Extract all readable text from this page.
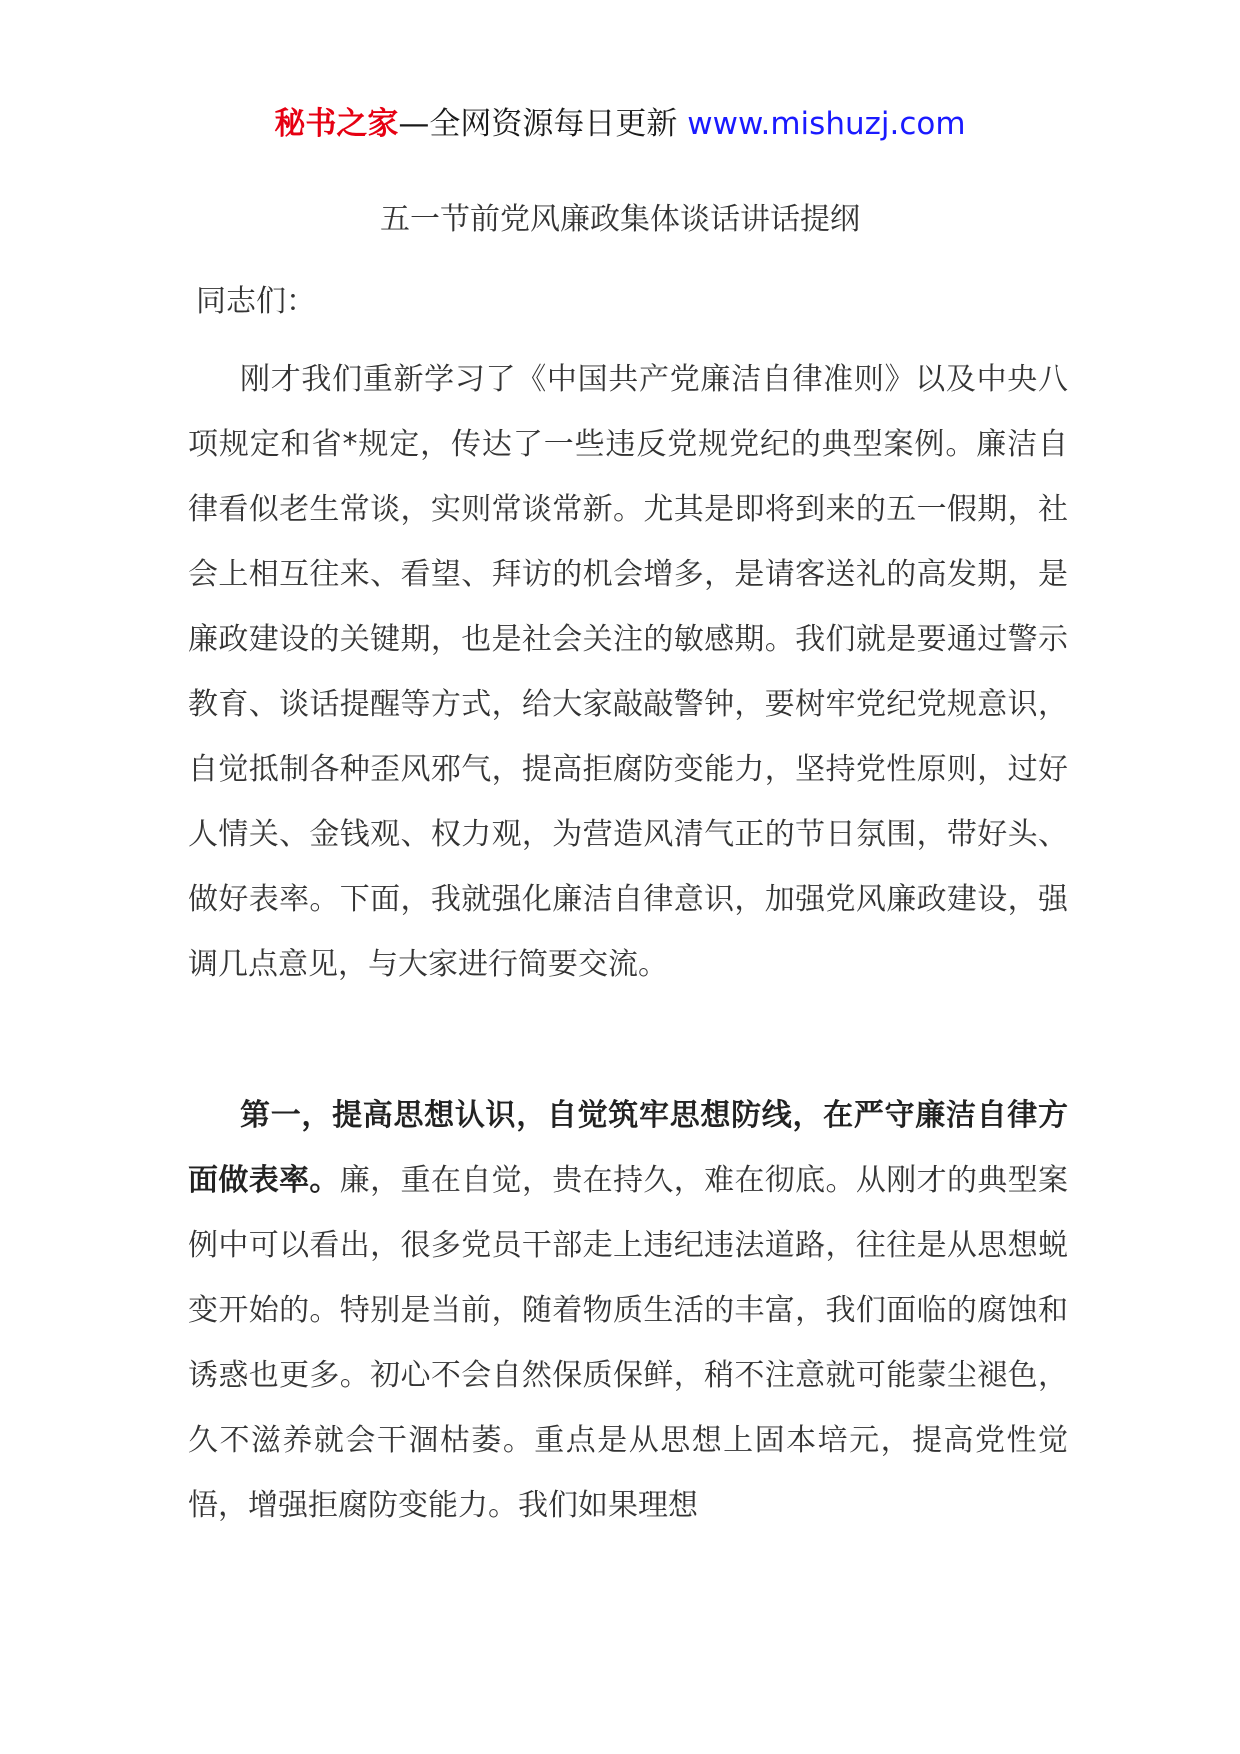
秘书之家—全网资源每日更新 www.mishuzj.com
五一节前党风廉政集体谈话讲话提纲
同志们：

刚才我们重新学习了《中国共产党廉洁自律准则》以及中央八项规定和省*规定，传达了一些违反党规党纪的典型案例。廉洁自律看似老生常谈，实则常谈常新。尤其是即将到来的五一假期，社会上相互往来、看望、拜访的机会增多，是请客送礼的高发期，是廉政建设的关键期，也是社会关注的敏感期。我们就是要通过警示教育、谈话提醒等方式，给大家敲敲警钟，要树牢党纪党规意识，自觉抵制各种歪风邪气，提高拒腐防变能力，坚持党性原则，过好人情关、金钱观、权力观，为营造风清气正的节日氛围，带好头、做好表率。下面，我就强化廉洁自律意识，加强党风廉政建设，强调几点意见，与大家进行简要交流。

第一，提高思想认识，自觉筑牢思想防线，在严守廉洁自律方面做表率。廉，重在自觉，贵在持久，难在彻底。从刚才的典型案例中可以看出，很多党员干部走上违纪违法道路，往往是从思想蜕变开始的。特别是当前，随着物质生活的丰富，我们面临的腐蚀和诱惑也更多。初心不会自然保质保鲜，稍不注意就可能蒙尘褪色，久不滋养就会干涸枯萎。重点是从思想上固本培元，提高党性觉悟，增强拒腐防变能力。我们如果理想
